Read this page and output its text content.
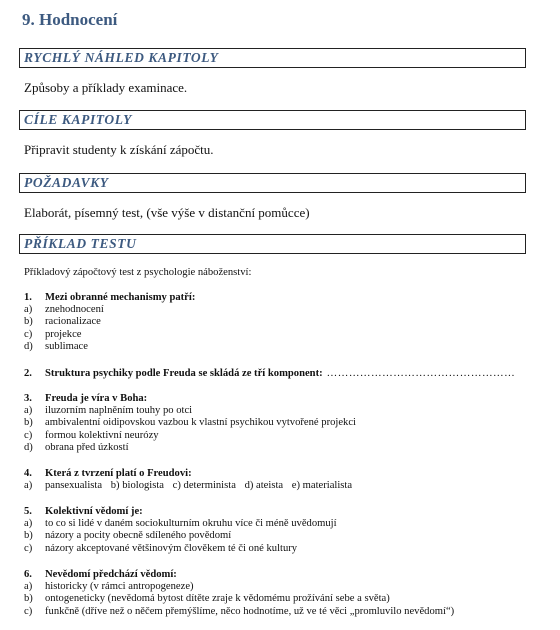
9. Hodnocení
RYCHLÝ NÁHLED KAPITOLY
Způsoby a příklady examinace.
CÍLE KAPITOLY
Připravit studenty k získání zápočtu.
POŽADAVKY
Elaborát, písemný test, (vše výše v distanční pomůcce)
PŘÍKLAD TESTU
Příkladový zápočtový test z psychologie náboženství:
1.	Mezi obranné mechanismy patří:
a)	znehodnocení
b)	racionalizace
c)	projekce
d)	sublimace
2.	Struktura psychiky podle Freuda se skládá ze tří komponent: ……………………………………………
3.	Freuda je víra v Boha:
a)	iluzorním naplněním touhy po otci
b)	ambivalentní oidipovskou vazbou k vlastní psychikou vytvořené projekci
c)	formou kolektivní neurózy
d)	obrana před úzkostí
4.	Která z tvrzení platí o Freudovi:
a)	pansexualista b) biologista c) determinista d) ateista e) materialista
5.	Kolektivní vědomí je:
a)	to co si lidé v daném sociokulturním okruhu více či méně uvědomují
b)	názory a pocity obecně sdíleného povědomí
c)	názory akceptované většinovým člověkem té či oné kultury
6.	Nevědomí předchází vědomí:
a)	historicky (v rámci antropogeneze)
b)	ontogeneticky (nevědomá bytost dítěte zraje k vědomému prožívání sebe a světa)
c)	funkčně (dříve než o něčem přemýšlíme, něco hodnotíme, už ve té věci „promluvilo nevědomí“)
